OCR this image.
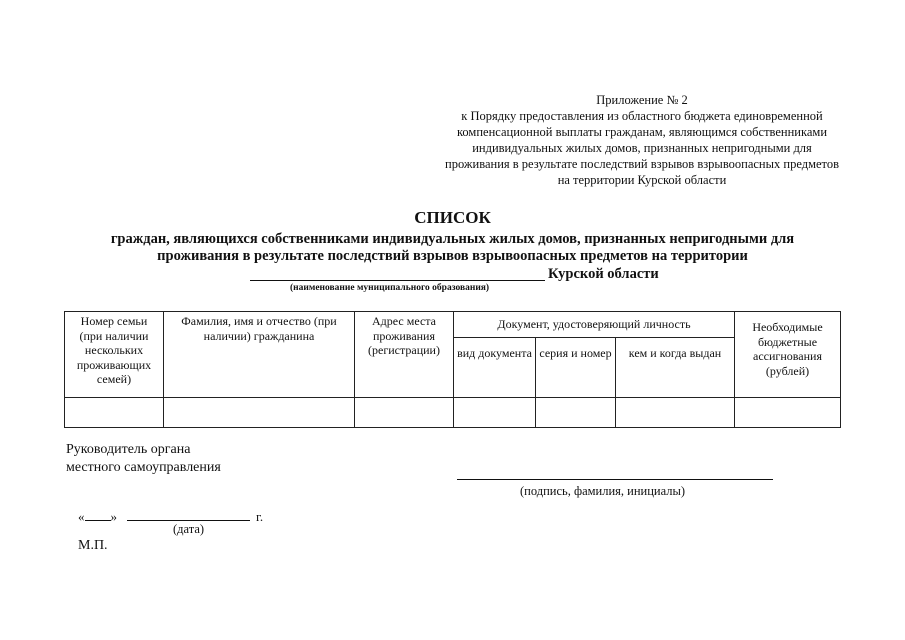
Приложение № 2
к Порядку предоставления из областного бюджета единовременной
компенсационной выплаты гражданам, являющимся собственниками
индивидуальных жилых домов, признанных непригодными для
проживания в результате последствий взрывов взрывоопасных предметов
на территории Курской области
СПИСОК
граждан, являющихся собственниками индивидуальных жилых домов, признанных непригодными для
проживания в результате последствий взрывов взрывоопасных предметов на территории
Курской области
(наименование муниципального образования)
Номер семьи (при наличии нескольких проживающих семей)	Фамилия, имя и отчество (при наличии) гражданина	Адрес места проживания (регистрации)	Документ, удостоверяющий личность			Необходимые бюджетные ассигнования (рублей)
			вид документа	серия и номер	кем и когда выдан	

Руководитель органа
местного самоуправления
(подпись, фамилия, инициалы)
« »	г.
(дата)
М.П.
